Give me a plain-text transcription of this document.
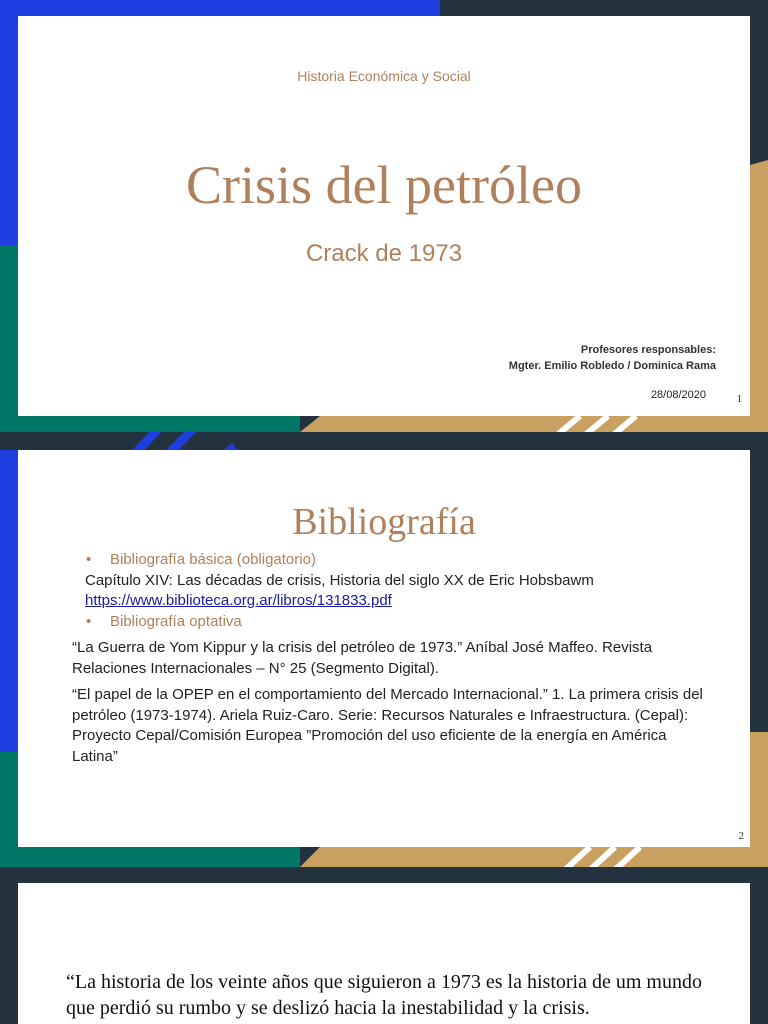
Historia Económica y Social
Crisis del petróleo
Crack de 1973
Profesores responsables:
Mgter. Emilio Robledo / Dominica Rama
28/08/2020	1
Bibliografía
•	Bibliografía básica (obligatorio)
Capítulo XIV: Las décadas de crisis, Historia del siglo XX de Eric Hobsbawm
https://www.biblioteca.org.ar/libros/131833.pdf
•	Bibliografía optativa

“La Guerra de Yom Kippur y la crisis del petróleo de 1973.” Aníbal José Maffeo. Revista Relaciones Internacionales – N° 25 (Segmento Digital).

“El papel de la OPEP en el comportamiento del Mercado Internacional.” 1. La primera crisis del petróleo (1973-1974). Ariela Ruiz-Caro. Serie: Recursos Naturales e Infraestructura. (Cepal): Proyecto Cepal/Comisión Europea ”Promoción del uso eficiente de la energía en América Latina”

2
“La historia de los veinte años que siguieron a 1973 es la historia de um mundo que perdió su rumbo y se deslizó hacia la inestabilidad y la crisis.
